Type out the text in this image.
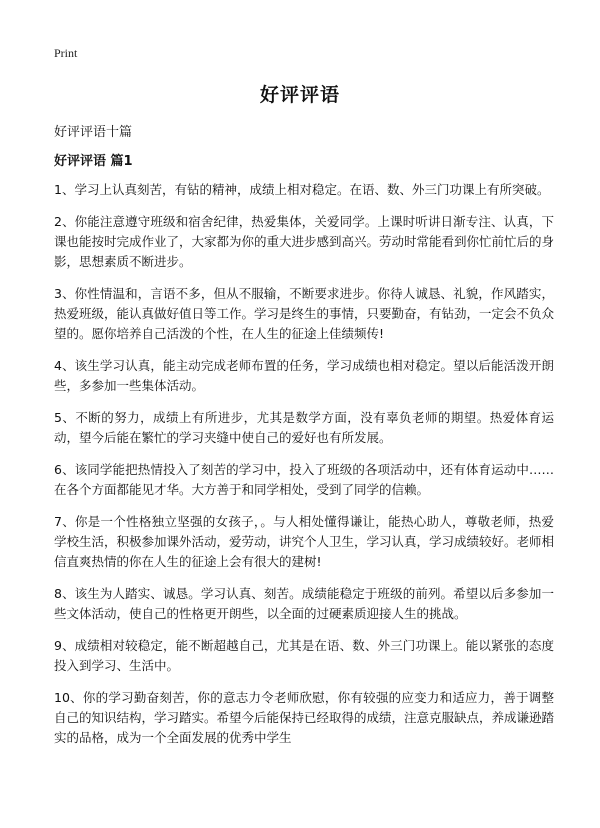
Print
好评评语
好评评语十篇
好评评语 篇1

1、学习上认真刻苦，有钻的精神，成绩上相对稳定。在语、数、外三门功课上有所突破。

2、你能注意遵守班级和宿舍纪律，热爱集体，关爱同学。上课时听讲日渐专注、认真，下课也能按时完成作业了，大家都为你的重大进步感到高兴。劳动时常能看到你忙前忙后的身影，思想素质不断进步。

3、你性情温和，言语不多，但从不服输，不断要求进步。你待人诚恳、礼貌，作风踏实，热爱班级，能认真做好值日等工作。学习是终生的事情，只要勤奋，有钻劲，一定会不负众望的。愿你培养自己活泼的个性，在人生的征途上佳绩频传!

4、该生学习认真，能主动完成老师布置的任务，学习成绩也相对稳定。望以后能活泼开朗些，多参加一些集体活动。

5、不断的努力，成绩上有所进步，尤其是数学方面，没有辜负老师的期望。热爱体育运动，望今后能在繁忙的学习夹缝中使自己的爱好也有所发展。

6、该同学能把热情投入了刻苦的学习中，投入了班级的各项活动中，还有体育运动中……在各个方面都能见才华。大方善于和同学相处，受到了同学的信赖。

7、你是一个性格独立坚强的女孩子，。与人相处懂得谦让，能热心助人，尊敬老师，热爱学校生活，积极参加课外活动，爱劳动，讲究个人卫生，学习认真，学习成绩较好。老师相信直爽热情的你在人生的征途上会有很大的建树!

8、该生为人踏实、诚恳。学习认真、刻苦。成绩能稳定于班级的前列。希望以后多参加一些文体活动，使自己的性格更开朗些，以全面的过硬素质迎接人生的挑战。

9、成绩相对较稳定，能不断超越自己，尤其是在语、数、外三门功课上。能以紧张的态度投入到学习、生活中。

10、你的学习勤奋刻苦，你的意志力令老师欣慰，你有较强的应变力和适应力，善于调整自己的知识结构，学习踏实。希望今后能保持已经取得的成绩，注意克服缺点，养成谦逊踏实的品格，成为一个全面发展的优秀中学生
